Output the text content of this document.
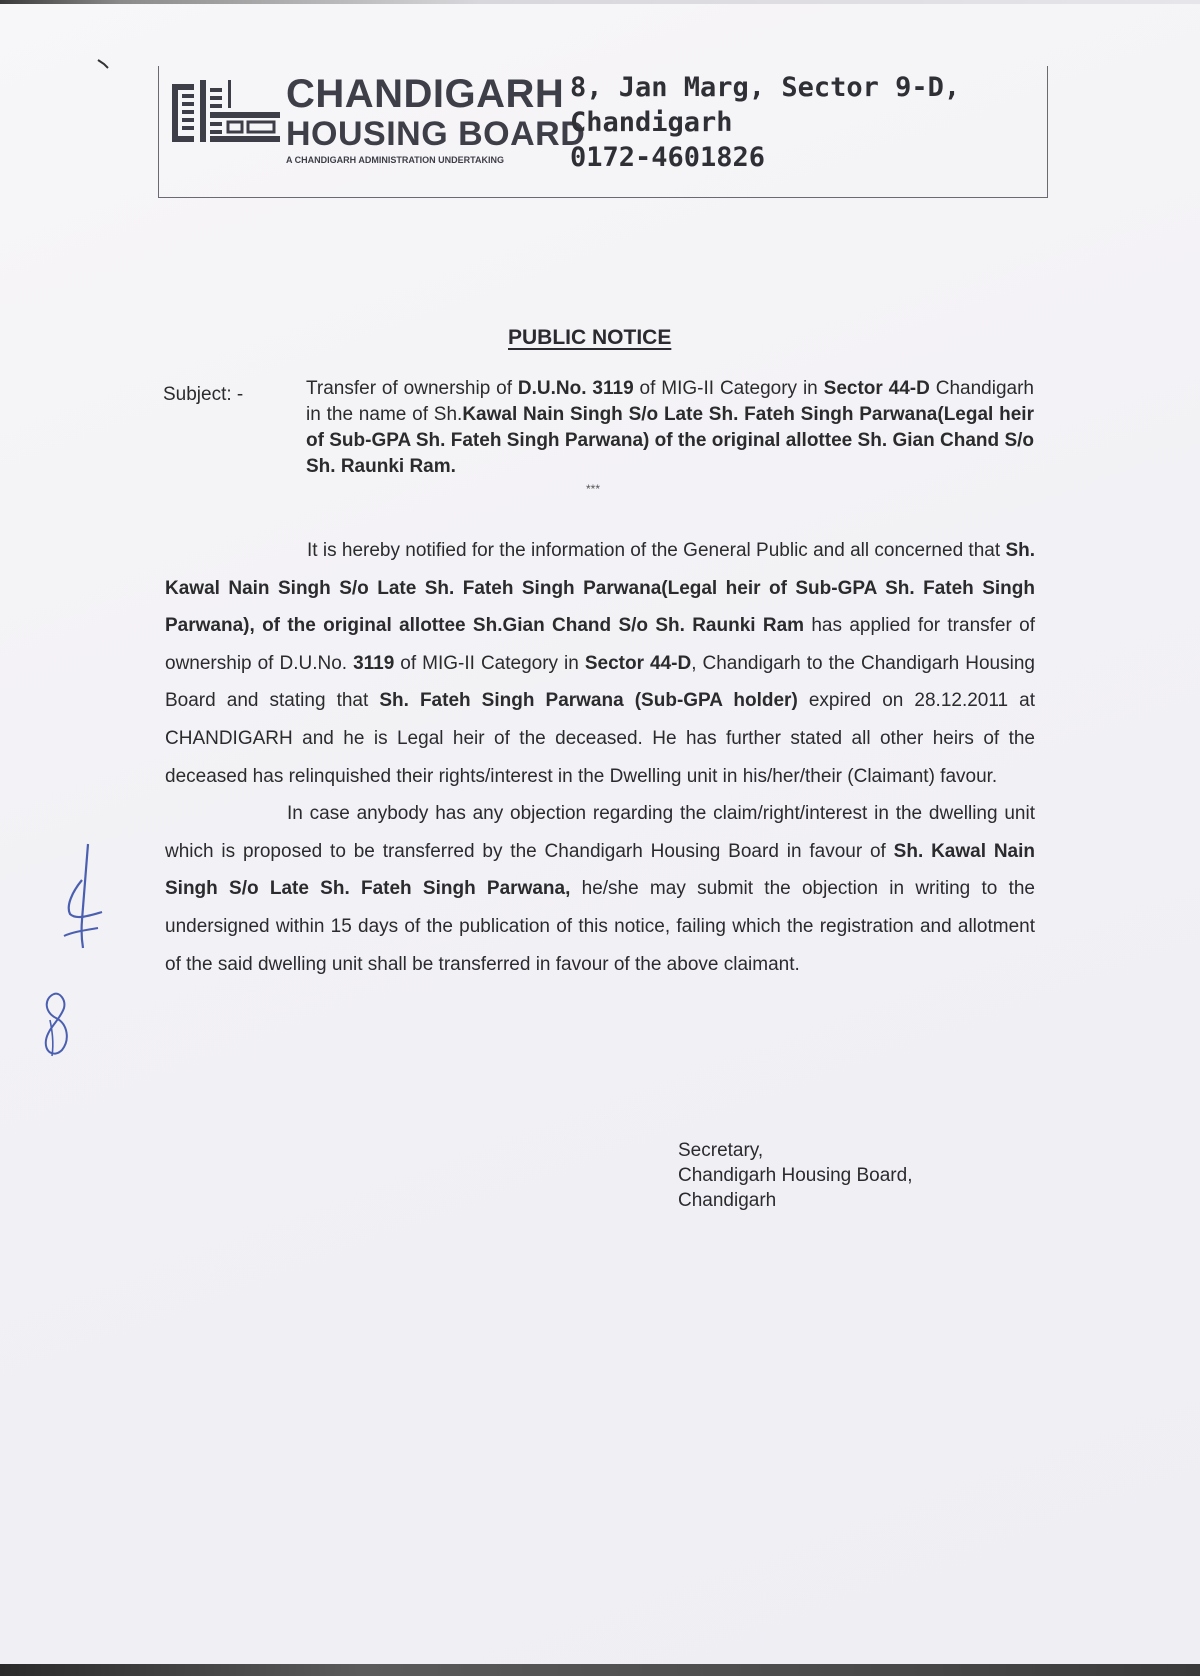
CHANDIGARH
HOUSING BOARD
A CHANDIGARH ADMINISTRATION UNDERTAKING
8, Jan Marg, Sector 9-D,
Chandigarh
0172-4601826
PUBLIC NOTICE
Subject: -	Transfer of ownership of D.U.No. 3119 of MIG-II Category in Sector 44-D Chandigarh in the name of Sh.Kawal Nain Singh S/o Late Sh. Fateh Singh Parwana(Legal heir of Sub-GPA Sh. Fateh Singh Parwana) of the original allottee Sh. Gian Chand S/o Sh. Raunki Ram.
***

It is hereby notified for the information of the General Public and all concerned that Sh. Kawal Nain Singh S/o Late Sh. Fateh Singh Parwana(Legal heir of Sub-GPA Sh. Fateh Singh Parwana), of the original allottee Sh.Gian Chand S/o Sh. Raunki Ram has applied for transfer of ownership of D.U.No. 3119 of MIG-II Category in Sector 44-D, Chandigarh to the Chandigarh Housing Board and stating that Sh. Fateh Singh Parwana (Sub-GPA holder) expired on 28.12.2011 at CHANDIGARH and he is Legal heir of the deceased. He has further stated all other heirs of the deceased has relinquished their rights/interest in the Dwelling unit in his/her/their (Claimant) favour.

In case anybody has any objection regarding the claim/right/interest in the dwelling unit which is proposed to be transferred by the Chandigarh Housing Board in favour of Sh. Kawal Nain Singh S/o Late Sh. Fateh Singh Parwana, he/she may submit the objection in writing to the undersigned within 15 days of the publication of this notice, failing which the registration and allotment of the said dwelling unit shall be transferred in favour of the above claimant.

Secretary,
Chandigarh Housing Board,
Chandigarh
